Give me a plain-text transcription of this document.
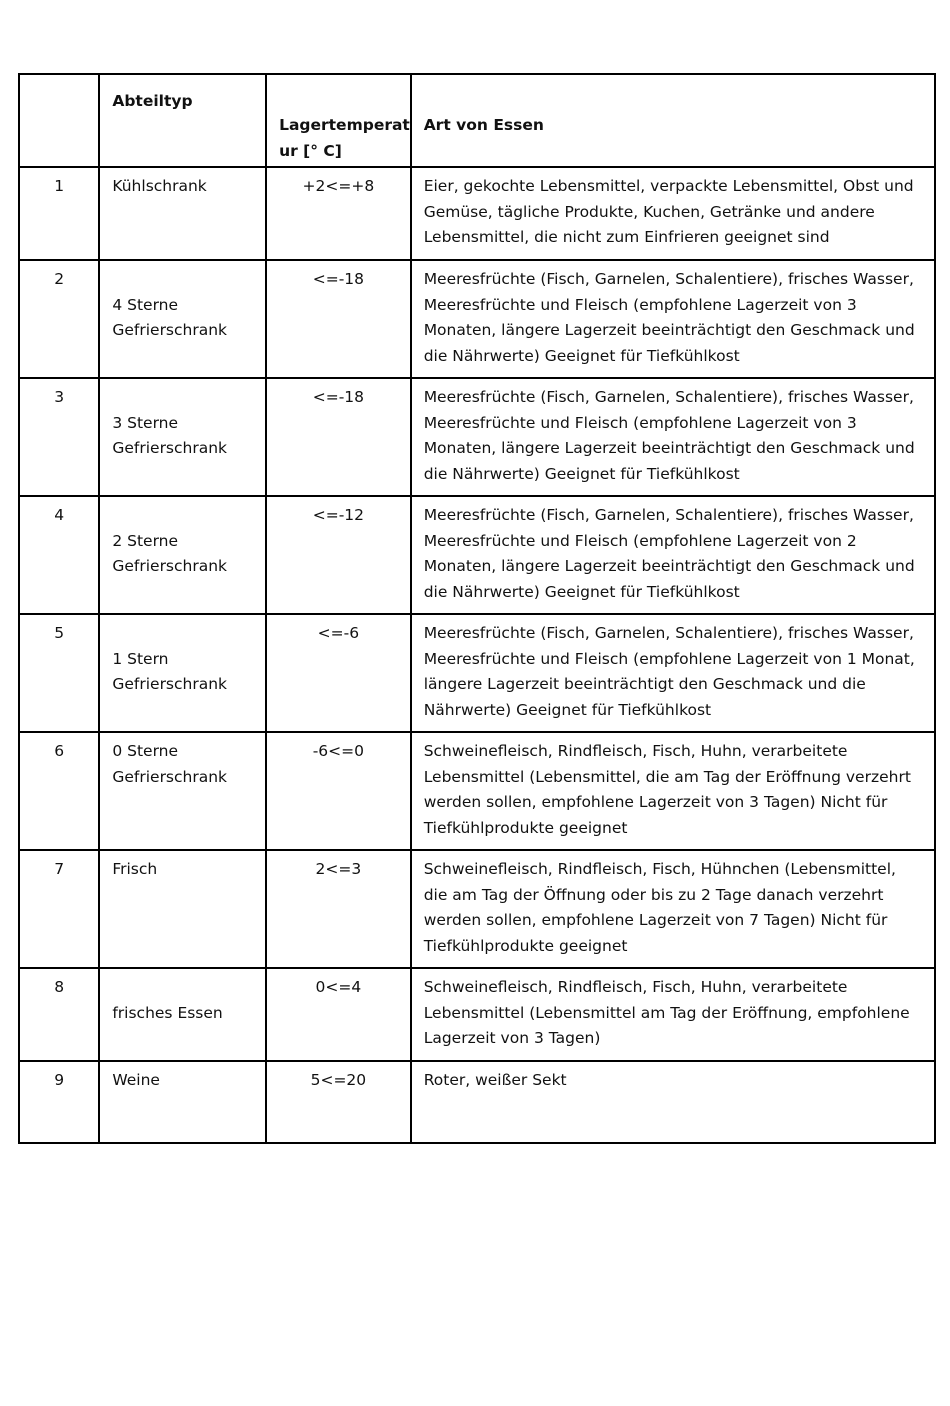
	Abteiltyp	Lagertemperat ur [° C]	Art von Essen

1	Kühlschrank	+2<=+8	Eier, gekochte Lebensmittel, verpackte Lebensmittel, Obst und Gemüse, tägliche Produkte, Kuchen, Getränke und andere Lebensmittel, die nicht zum Einfrieren geeignet sind

2	4 Sterne Gefrierschrank	<=-18	Meeresfrüchte (Fisch, Garnelen, Schalentiere), frisches Wasser, Meeresfrüchte und Fleisch (empfohlene Lagerzeit von 3 Monaten, längere Lagerzeit beeinträchtigt den Geschmack und die Nährwerte) Geeignet für Tiefkühlkost

3	3 Sterne Gefrierschrank	<=-18	Meeresfrüchte (Fisch, Garnelen, Schalentiere), frisches Wasser, Meeresfrüchte und Fleisch (empfohlene Lagerzeit von 3 Monaten, längere Lagerzeit beeinträchtigt den Geschmack und die Nährwerte) Geeignet für Tiefkühlkost

4	2 Sterne Gefrierschrank	<=-12	Meeresfrüchte (Fisch, Garnelen, Schalentiere), frisches Wasser, Meeresfrüchte und Fleisch (empfohlene Lagerzeit von 2 Monaten, längere Lagerzeit beeinträchtigt den Geschmack und die Nährwerte) Geeignet für Tiefkühlkost

5	1 Stern Gefrierschrank	<=-6	Meeresfrüchte (Fisch, Garnelen, Schalentiere), frisches Wasser, Meeresfrüchte und Fleisch (empfohlene Lagerzeit von 1 Monat, längere Lagerzeit beeinträchtigt den Geschmack und die Nährwerte) Geeignet für Tiefkühlkost

6	0 Sterne Gefrierschrank	-6<=0	Schweinefleisch, Rindfleisch, Fisch, Huhn, verarbeitete Lebensmittel (Lebensmittel, die am Tag der Eröffnung verzehrt werden sollen, empfohlene Lagerzeit von 3 Tagen) Nicht für Tiefkühlprodukte geeignet

7	Frisch	2<=3	Schweinefleisch, Rindfleisch, Fisch, Hühnchen (Lebensmittel, die am Tag der Öffnung oder bis zu 2 Tage danach verzehrt werden sollen, empfohlene Lagerzeit von 7 Tagen) Nicht für Tiefkühlprodukte geeignet

8	frisches Essen	0<=4	Schweinefleisch, Rindfleisch, Fisch, Huhn, verarbeitete Lebensmittel (Lebensmittel am Tag der Eröffnung, empfohlene Lagerzeit von 3 Tagen)

9	Weine	5<=20	Roter, weißer Sekt
